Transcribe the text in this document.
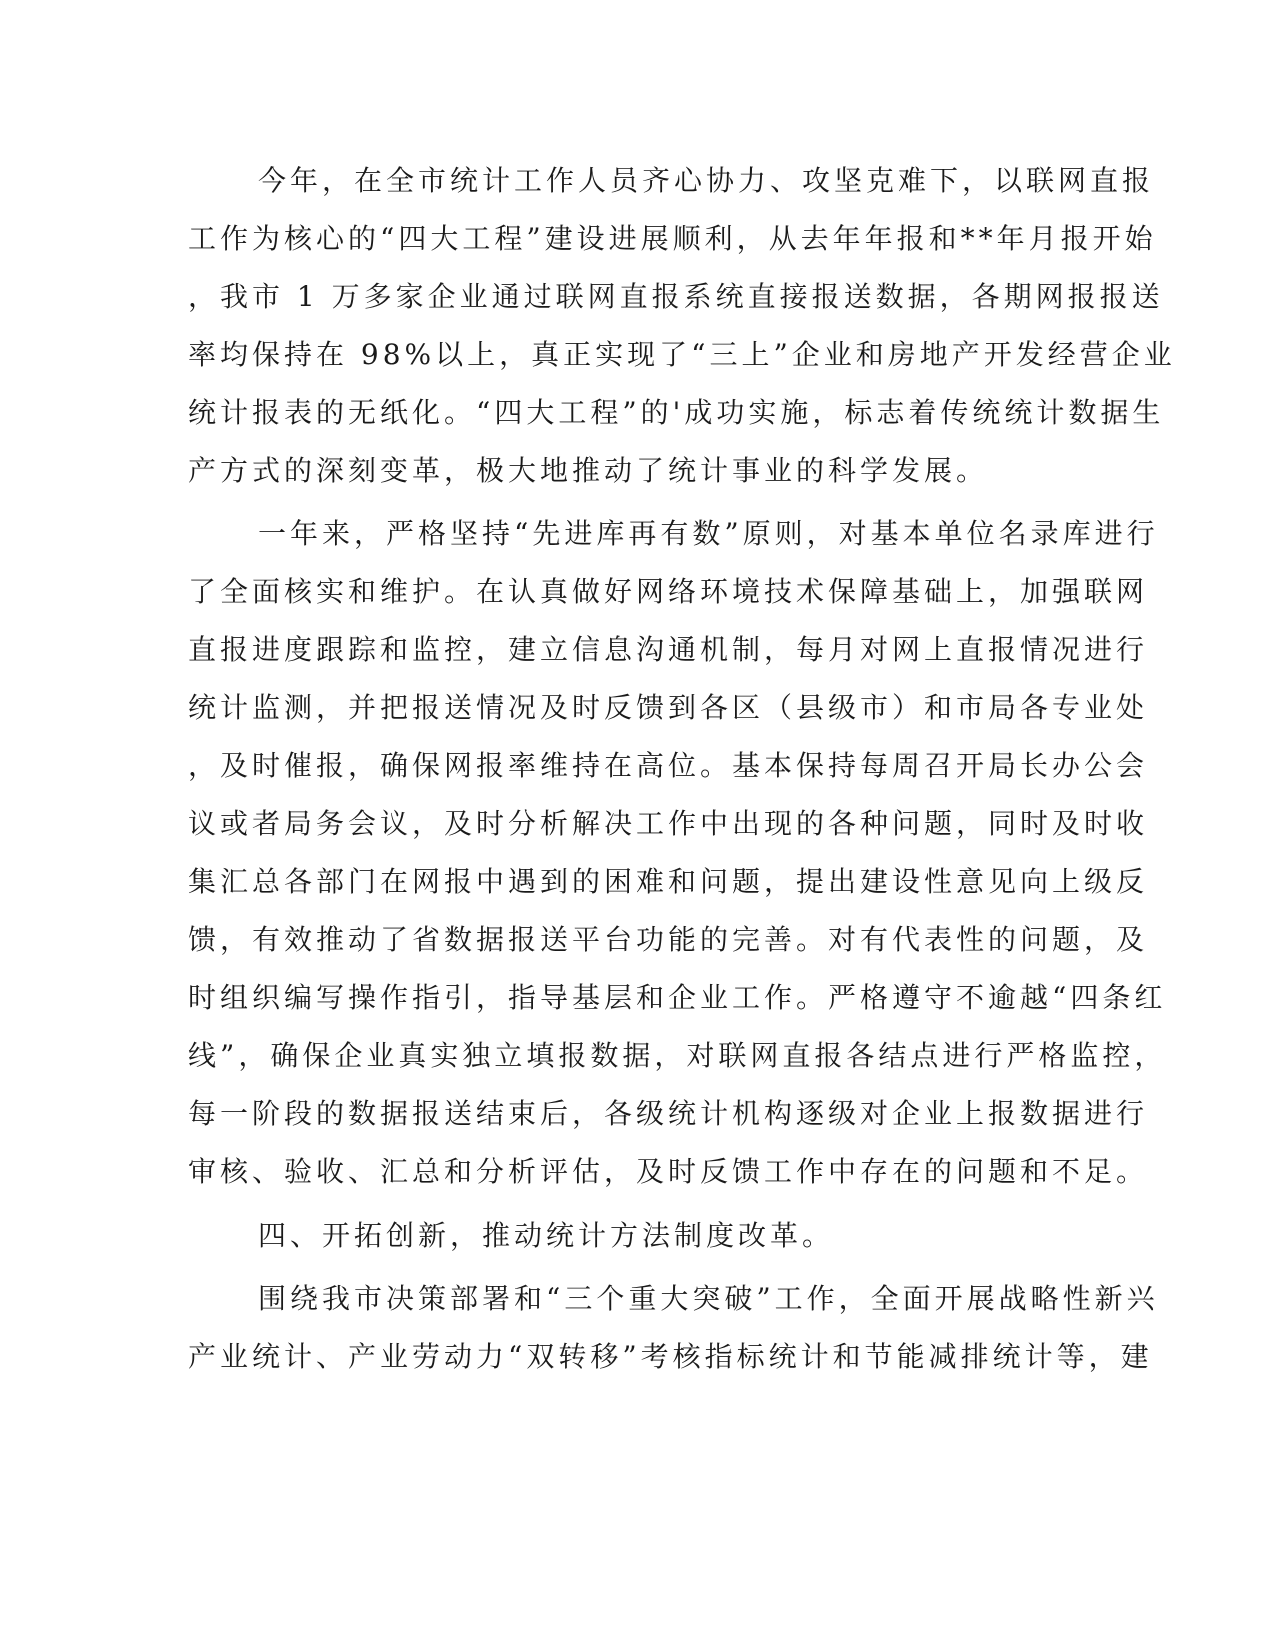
今年，在全市统计工作人员齐心协力、攻坚克难下，以联网直报
工作为核心的“四大工程”建设进展顺利，从去年年报和**年月报开始
，我市 1 万多家企业通过联网直报系统直接报送数据，各期网报报送
率均保持在 98%以上，真正实现了“三上”企业和房地产开发经营企业
统计报表的无纸化。“四大工程”的'成功实施，标志着传统统计数据生
产方式的深刻变革，极大地推动了统计事业的科学发展。
一年来，严格坚持“先进库再有数”原则，对基本单位名录库进行
了全面核实和维护。在认真做好网络环境技术保障基础上，加强联网
直报进度跟踪和监控，建立信息沟通机制，每月对网上直报情况进行
统计监测，并把报送情况及时反馈到各区（县级市）和市局各专业处
，及时催报，确保网报率维持在高位。基本保持每周召开局长办公会
议或者局务会议，及时分析解决工作中出现的各种问题，同时及时收
集汇总各部门在网报中遇到的困难和问题，提出建设性意见向上级反
馈，有效推动了省数据报送平台功能的完善。对有代表性的问题，及
时组织编写操作指引，指导基层和企业工作。严格遵守不逾越“四条红
线”，确保企业真实独立填报数据，对联网直报各结点进行严格监控，
每一阶段的数据报送结束后，各级统计机构逐级对企业上报数据进行
审核、验收、汇总和分析评估，及时反馈工作中存在的问题和不足。
四、开拓创新，推动统计方法制度改革。
围绕我市决策部署和“三个重大突破”工作，全面开展战略性新兴
产业统计、产业劳动力“双转移”考核指标统计和节能减排统计等，建
